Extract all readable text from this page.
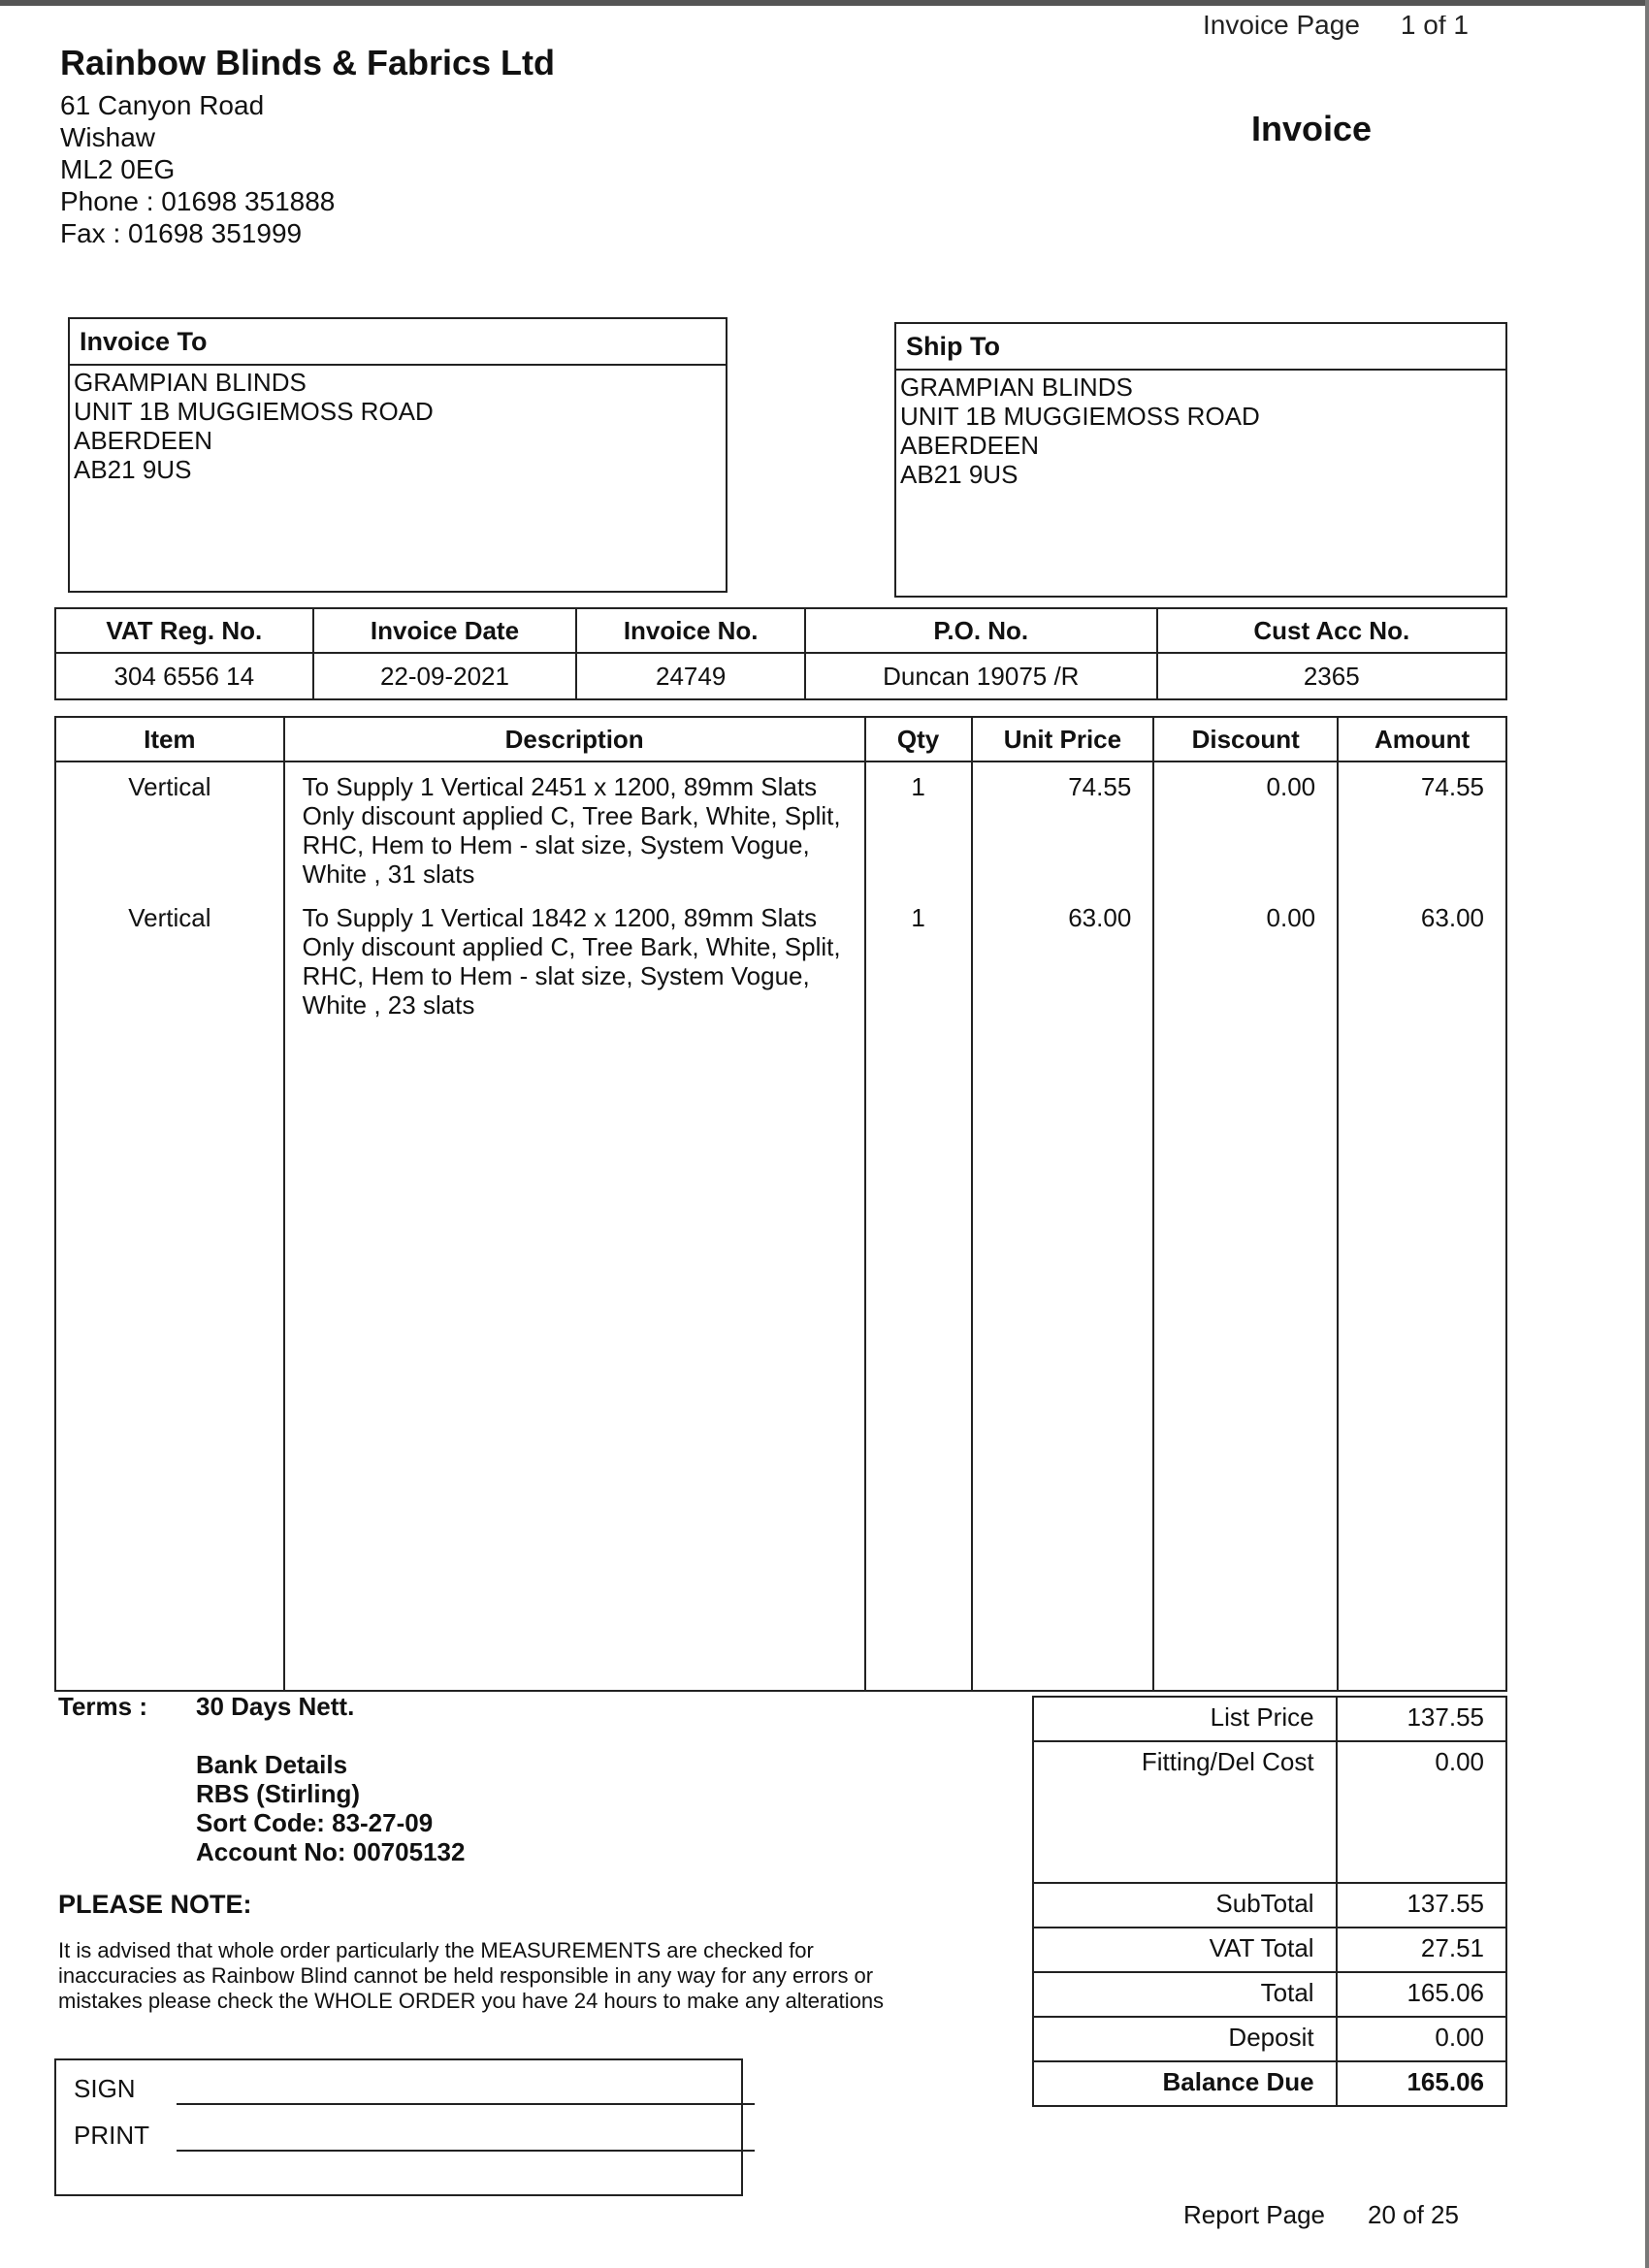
Invoice Page 1 of 1
Rainbow Blinds & Fabrics Ltd
61 Canyon Road
Wishaw
ML2 0EG
Phone : 01698 351888
Fax : 01698 351999
Invoice
Invoice To
GRAMPIAN BLINDS
UNIT 1B MUGGIEMOSS ROAD
ABERDEEN
AB21 9US
Ship To
GRAMPIAN BLINDS
UNIT 1B MUGGIEMOSS ROAD
ABERDEEN
AB21 9US
VAT Reg. No.	Invoice Date	Invoice No.	P.O. No.	Cust Acc No.
304 6556 14	22-09-2021	24749	Duncan 19075 /R	2365
Item	Description	Qty	Unit Price	Discount	Amount
Vertical	To Supply 1 Vertical 2451 x 1200, 89mm Slats Only discount applied C, Tree Bark, White, Split, RHC, Hem to Hem - slat size, System Vogue, White , 31 slats	1	74.55	0.00	74.55
Vertical	To Supply 1 Vertical 1842 x 1200, 89mm Slats Only discount applied C, Tree Bark, White, Split, RHC, Hem to Hem - slat size, System Vogue, White , 23 slats	1	63.00	0.00	63.00

Terms : 30 Days Nett.
Bank Details
RBS (Stirling)
Sort Code: 83-27-09
Account No: 00705132
PLEASE NOTE:
It is advised that whole order particularly the MEASUREMENTS are checked for
inaccuracies as Rainbow Blind cannot be held responsible in any way for any errors or
mistakes please check the WHOLE ORDER you have 24 hours to make any alterations
SIGN
PRINT
List Price	137.55
Fitting/Del Cost	0.00
SubTotal	137.55
VAT Total	27.51
Total	165.06
Deposit	0.00
Balance Due	165.06
Report Page 20 of 25
